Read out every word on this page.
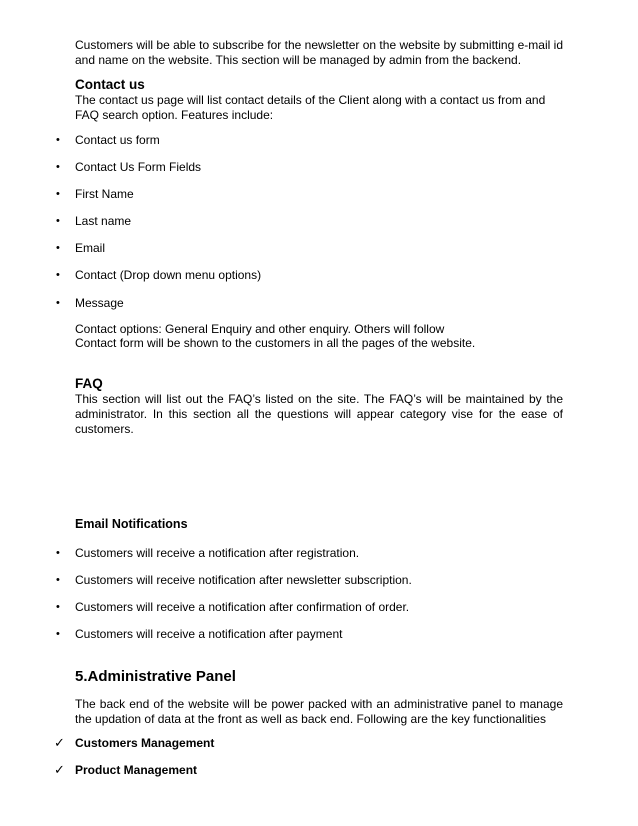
Customers will be able to subscribe for the newsletter on the website by submitting e-mail id and name on the website. This section will be managed by admin from the backend.
Contact us
The contact us page will list contact details of the Client along with a contact us from and FAQ search option. Features include:
• Contact us form
• Contact Us Form Fields
• First Name
• Last name
• Email
• Contact (Drop down menu options)
• Message
Contact options: General Enquiry and other enquiry. Others will follow
Contact form will be shown to the customers in all the pages of the website.
FAQ
This section will list out the FAQ’s listed on the site. The FAQ’s will be maintained by the administrator. In this section all the questions will appear category vise for the ease of customers.
Email Notifications
• Customers will receive a notification after registration.
• Customers will receive notification after newsletter subscription.
• Customers will receive a notification after confirmation of order.
• Customers will receive a notification after payment
5.Administrative Panel
The back end of the website will be power packed with an administrative panel to manage the updation of data at the front as well as back end. Following are the key functionalities
✓ Customers Management
✓ Product Management
